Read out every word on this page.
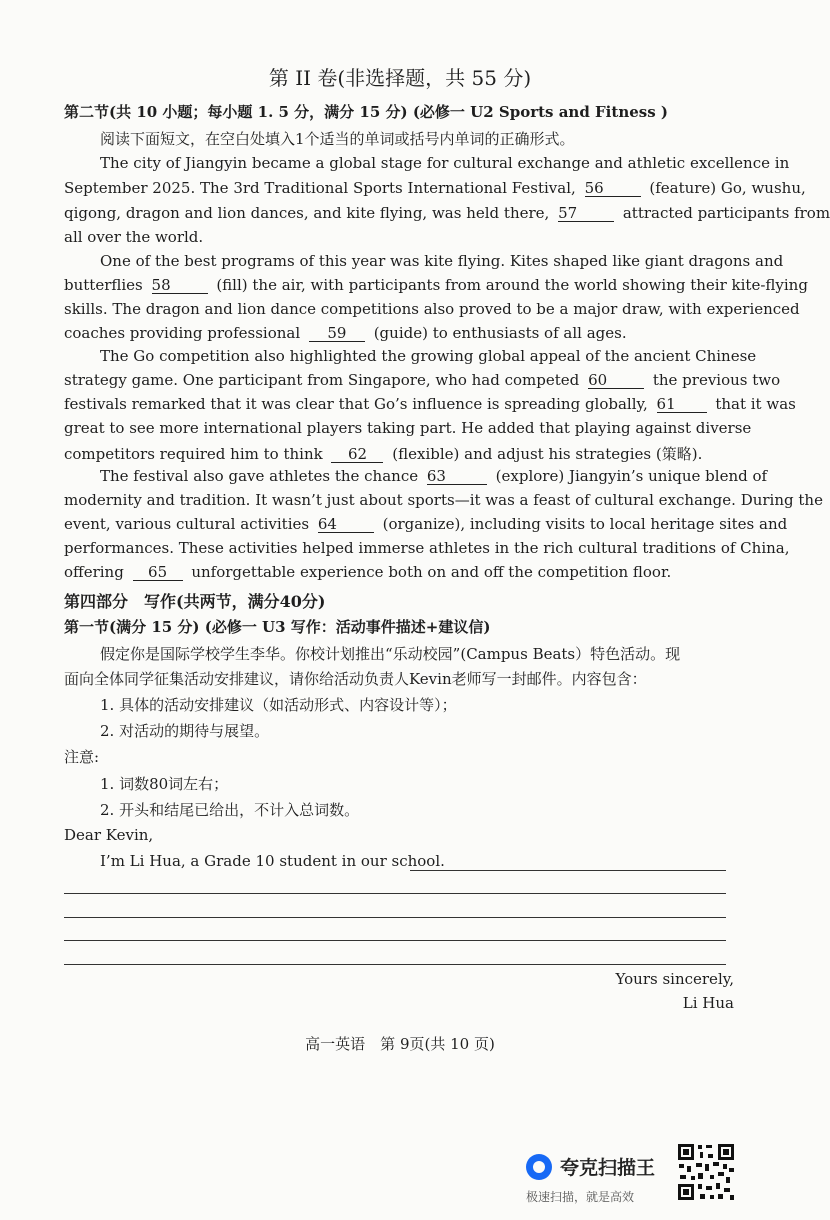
第 II 卷(非选择题，共 55 分)
第二节(共 10 小题；每小题 1. 5 分，满分 15 分) (必修一 U2 Sports and Fitness )
阅读下面短文，在空白处填入1个适当的单词或括号内单词的正确形式。
The city of Jiangyin became a global stage for cultural exchange and athletic excellence in
September 2025. The 3rd Traditional Sports International Festival, 56	(feature) Go, wushu,
qigong, dragon and lion dances, and kite flying, was held there, 57	attracted participants from
all over the world.
One of the best programs of this year was kite flying. Kites shaped like giant dragons and
butterflies 58	(fill) the air, with participants from around the world showing their kite-flying
skills. The dragon and lion dance competitions also proved to be a major draw, with experienced
coaches providing professional 59 (guide) to enthusiasts of all ages.
The Go competition also highlighted the growing global appeal of the ancient Chinese
strategy game. One participant from Singapore, who had competed 60	the previous two
festivals remarked that it was clear that Go’s influence is spreading globally, 61	that it was
great to see more international players taking part. He added that playing against diverse
competitors required him to think 62 (flexible) and adjust his strategies (策略).
The festival also gave athletes the chance 63	(explore) Jiangyin’s unique blend of
modernity and tradition. It wasn’t just about sports—it was a feast of cultural exchange. During the
event, various cultural activities 64	(organize), including visits to local heritage sites and
performances. These activities helped immerse athletes in the rich cultural traditions of China,
offering 65 unforgettable experience both on and off the competition floor.
第四部分　写作(共两节，满分40分)
第一节(满分 15 分) (必修一 U3 写作：活动事件描述+建议信)
假定你是国际学校学生李华。你校计划推出“乐动校园”(Campus Beats）特色活动。现
面向全体同学征集活动安排建议，请你给活动负责人Kevin老师写一封邮件。内容包含：
1. 具体的活动安排建议（如活动形式、内容设计等）；
2. 对活动的期待与展望。
注意:
1. 词数80词左右；
2. 开头和结尾已给出，不计入总词数。
Dear Kevin,
I’m Li Hua, a Grade 10 student in our school.
Yours sincerely,
Li Hua
高一英语　第 9页(共 10 页)
夸克扫描王
极速扫描，就是高效
